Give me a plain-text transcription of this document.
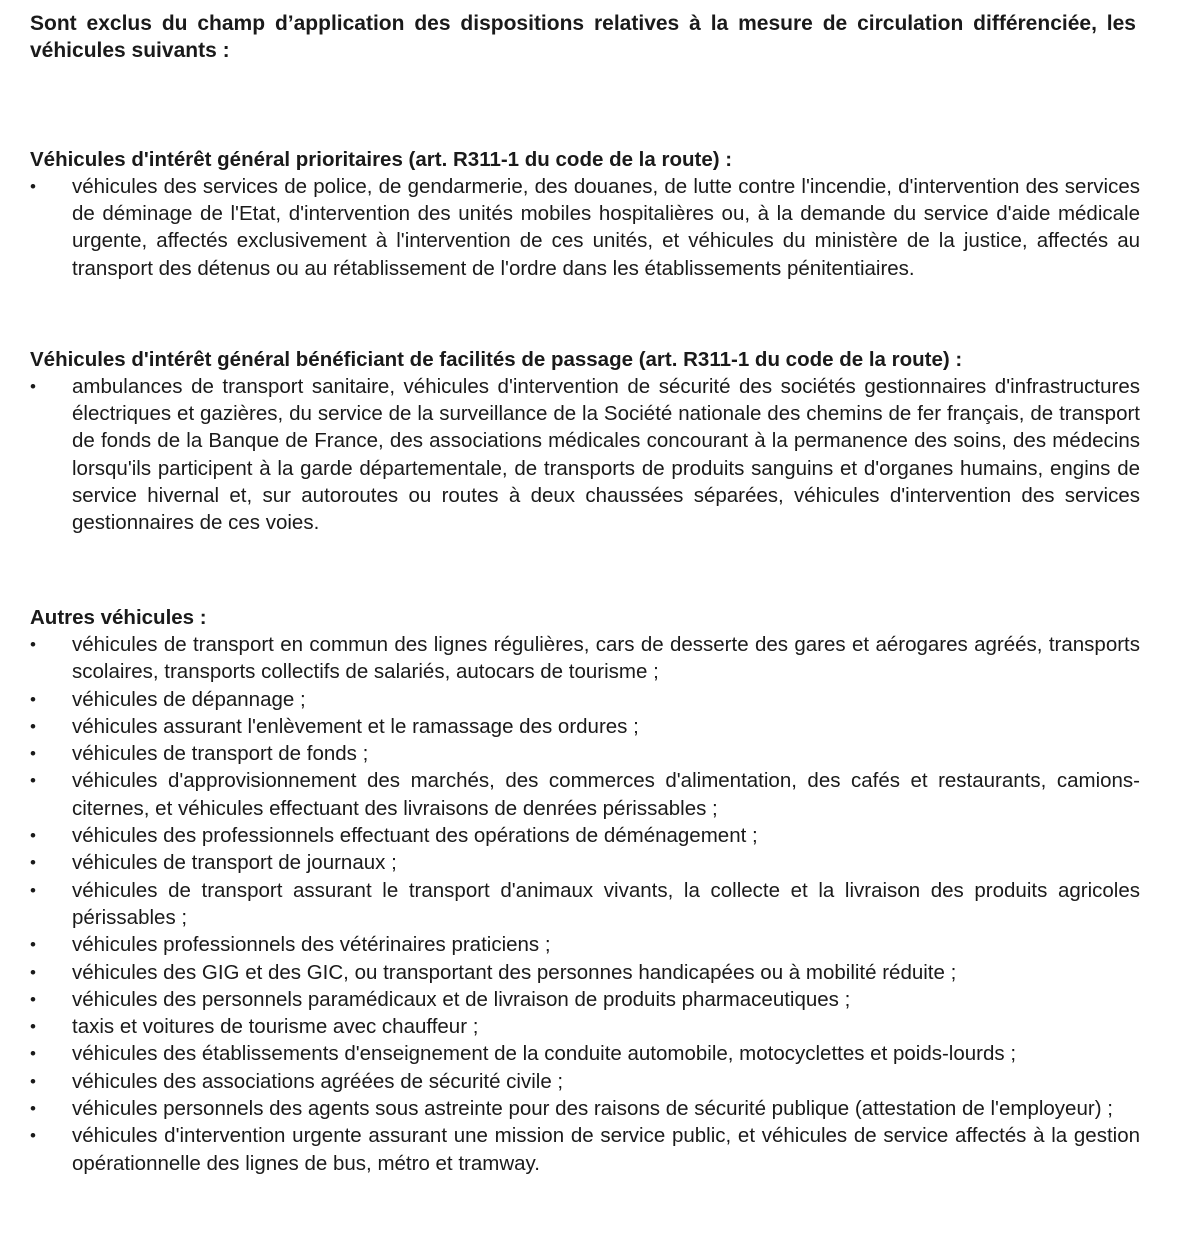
Sont exclus du champ d’application des dispositions relatives à la mesure de circulation différenciée, les véhicules suivants :

Véhicules d'intérêt général prioritaires (art. R311-1 du code de la route) :

• véhicules des services de police, de gendarmerie, des douanes, de lutte contre l'incendie, d'intervention des services de déminage de l'Etat, d'intervention des unités mobiles hospitalières ou, à la demande du service d'aide médicale urgente, affectés exclusivement à l'intervention de ces unités, et véhicules du ministère de la justice, affectés au transport des détenus ou au rétablissement de l'ordre dans les établissements pénitentiaires.

Véhicules d'intérêt général bénéficiant de facilités de passage (art. R311-1 du code de la route) :

• ambulances de transport sanitaire, véhicules d'intervention de sécurité des sociétés gestionnaires d'infrastructures électriques et gazières, du service de la surveillance de la Société nationale des chemins de fer français, de transport de fonds de la Banque de France, des associations médicales concourant à la permanence des soins, des médecins lorsqu'ils participent à la garde départementale, de transports de produits sanguins et d'organes humains, engins de service hivernal et, sur autoroutes ou routes à deux chaussées séparées, véhicules d'intervention des services gestionnaires de ces voies.

Autres véhicules :

• véhicules de transport en commun des lignes régulières, cars de desserte des gares et aérogares agréés, transports scolaires, transports collectifs de salariés, autocars de tourisme ;
• véhicules de dépannage ;
• véhicules assurant l'enlèvement et le ramassage des ordures ;
• véhicules de transport de fonds ;
• véhicules d'approvisionnement des marchés, des commerces d'alimentation, des cafés et restaurants, camions-citernes, et véhicules effectuant des livraisons de denrées périssables ;
• véhicules des professionnels effectuant des opérations de déménagement ;
• véhicules de transport de journaux ;
• véhicules de transport assurant le transport d'animaux vivants, la collecte et la livraison des produits agricoles périssables ;
• véhicules professionnels des vétérinaires praticiens ;
• véhicules des GIG et des GIC, ou transportant des personnes handicapées ou à mobilité réduite ;
• véhicules des personnels paramédicaux et de livraison de produits pharmaceutiques ;
• taxis et voitures de tourisme avec chauffeur ;
• véhicules des établissements d'enseignement de la conduite automobile, motocyclettes et poids-lourds ;
• véhicules des associations agréées de sécurité civile ;
• véhicules personnels des agents sous astreinte pour des raisons de sécurité publique (attestation de l'employeur) ;
• véhicules d'intervention urgente assurant une mission de service public, et véhicules de service affectés à la gestion opérationnelle des lignes de bus, métro et tramway.
